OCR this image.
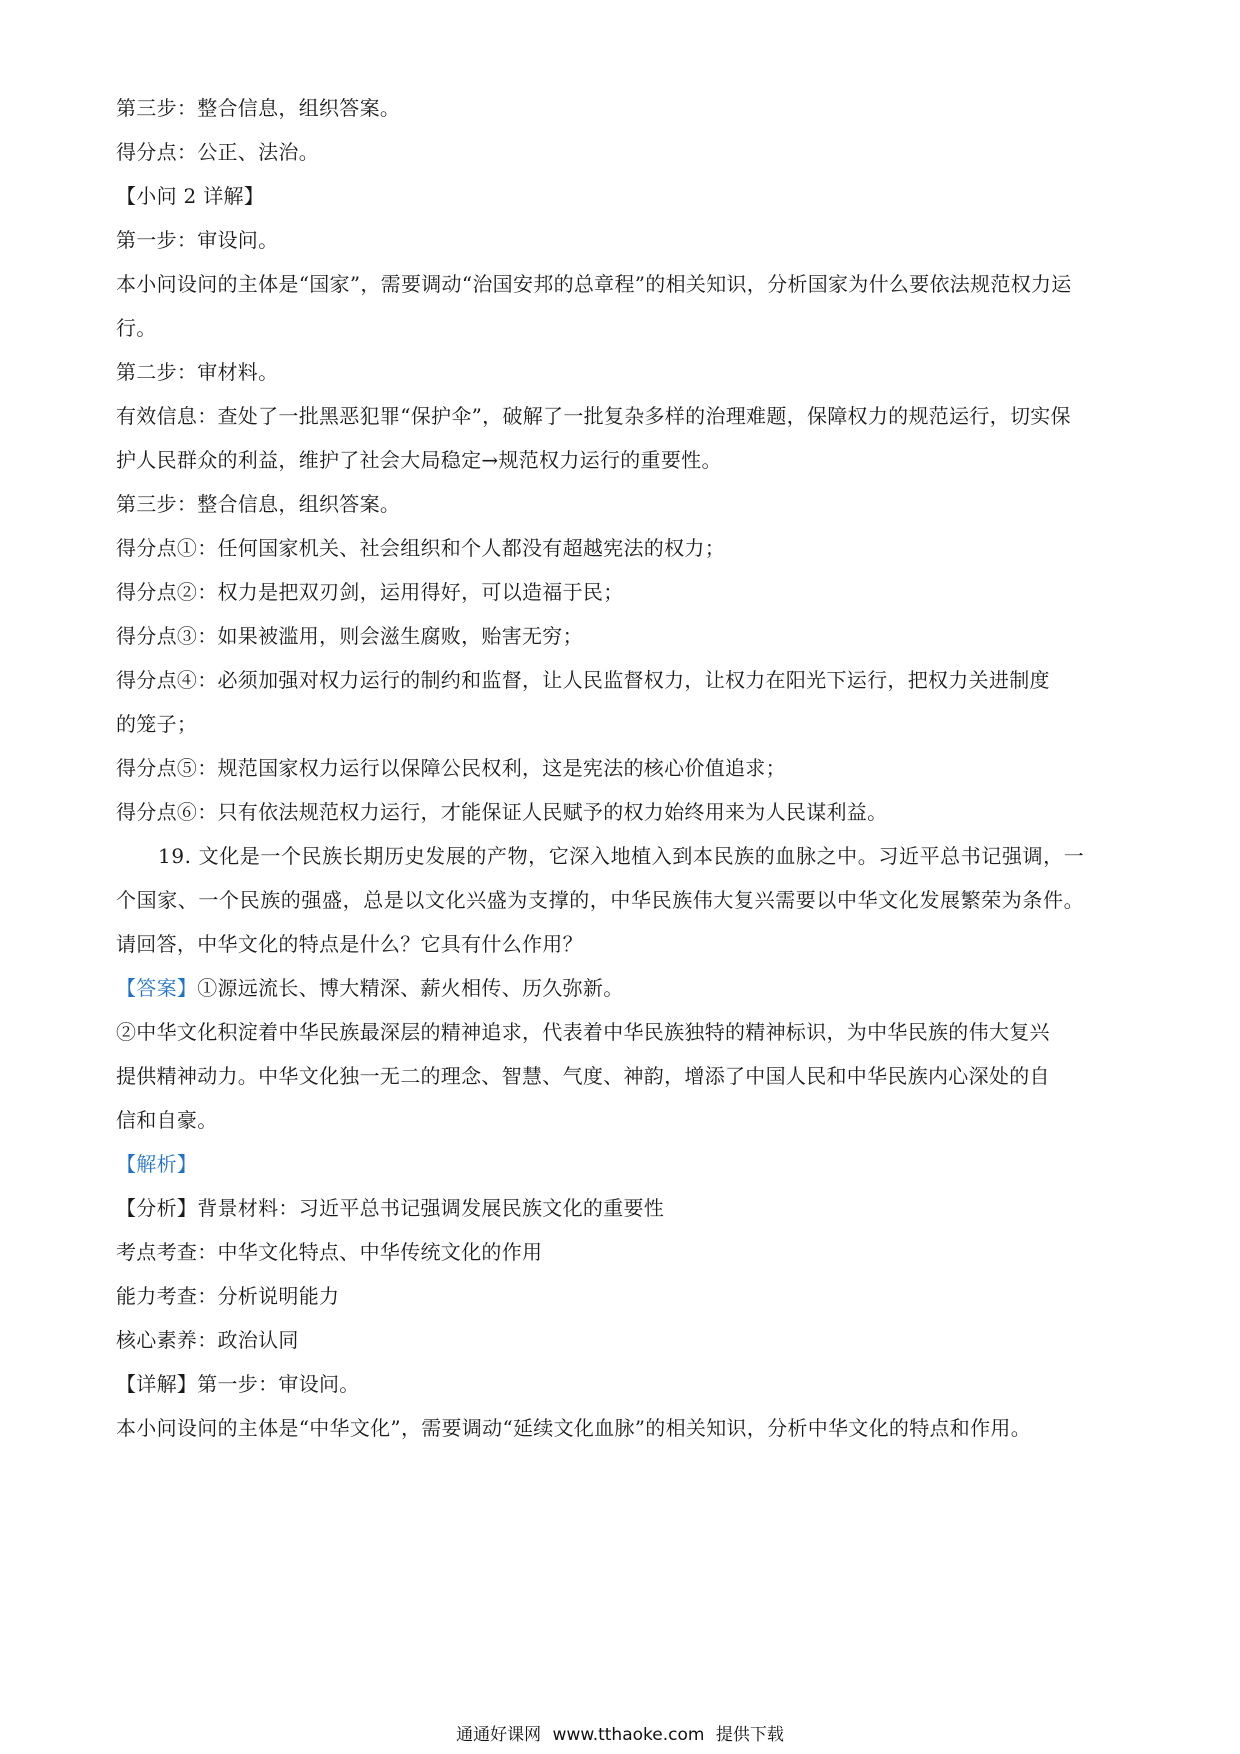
第三步：整合信息，组织答案。
得分点：公正、法治。
【小问 2 详解】
第一步：审设问。
本小问设问的主体是“国家”，需要调动“治国安邦的总章程”的相关知识，分析国家为什么要依法规范权力运
行。
第二步：审材料。
有效信息：查处了一批黑恶犯罪“保护伞”，破解了一批复杂多样的治理难题，保障权力的规范运行，切实保
护人民群众的利益，维护了社会大局稳定→规范权力运行的重要性。
第三步：整合信息，组织答案。
得分点①：任何国家机关、社会组织和个人都没有超越宪法的权力；
得分点②：权力是把双刃剑，运用得好，可以造福于民；
得分点③：如果被滥用，则会滋生腐败，贻害无穷；
得分点④：必须加强对权力运行的制约和监督，让人民监督权力，让权力在阳光下运行，把权力关进制度
的笼子；
得分点⑤：规范国家权力运行以保障公民权利，这是宪法的核心价值追求；
得分点⑥：只有依法规范权力运行，才能保证人民赋予的权力始终用来为人民谋利益。
19. 文化是一个民族长期历史发展的产物，它深入地植入到本民族的血脉之中。习近平总书记强调，一
个国家、一个民族的强盛，总是以文化兴盛为支撑的，中华民族伟大复兴需要以中华文化发展繁荣为条件。
请回答，中华文化的特点是什么？它具有什么作用？
【答案】①源远流长、博大精深、薪火相传、历久弥新。
②中华文化积淀着中华民族最深层的精神追求，代表着中华民族独特的精神标识，为中华民族的伟大复兴
提供精神动力。中华文化独一无二的理念、智慧、气度、神韵，增添了中国人民和中华民族内心深处的自
信和自豪。
【解析】
【分析】背景材料：习近平总书记强调发展民族文化的重要性
考点考查：中华文化特点、中华传统文化的作用
能力考查：分析说明能力
核心素养：政治认同
【详解】第一步：审设问。
本小问设问的主体是“中华文化”，需要调动“延续文化血脉”的相关知识，分析中华文化的特点和作用。
通通好课网 www.tthaoke.com 提供下载
